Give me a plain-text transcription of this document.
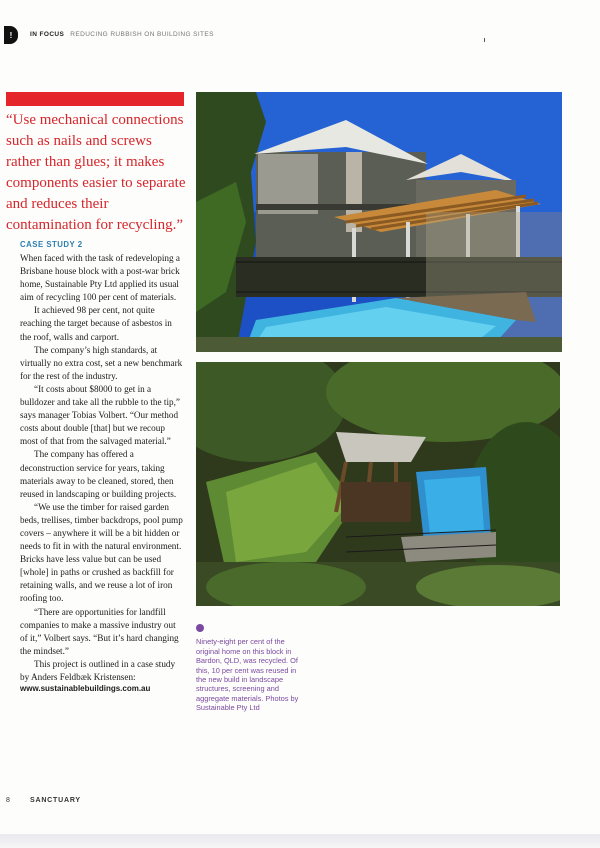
!	IN FOCUS REDUCING RUBBISH ON BUILDING SITES
“Use mechanical connections such as nails and screws rather than glues; it makes components easier to separate and reduces their contamination for recycling.”
CASE STUDY 2

When faced with the task of redeveloping a Brisbane house block with a post-war brick home, Sustainable Pty Ltd applied its usual aim of recycling 100 per cent of materials.

It achieved 98 per cent, not quite reaching the target because of asbestos in the roof, walls and carport.

The company’s high standards, at virtually no extra cost, set a new benchmark for the rest of the industry.

“It costs about $8000 to get in a bulldozer and take all the rubble to the tip,” says manager Tobias Volbert. “Our method costs about double [that] but we recoup most of that from the salvaged material.”

The company has offered a deconstruction service for years, taking materials away to be cleaned, stored, then reused in landscaping or building projects.

“We use the timber for raised garden beds, trellises, timber backdrops, pool pump covers – anywhere it will be a bit hidden or needs to fit in with the natural environment. Bricks have less value but can be used [whole] in paths or crushed as backfill for retaining walls, and we reuse a lot of iron roofing too.

“There are opportunities for landfill companies to make a massive industry out of it,” Volbert says. “But it’s hard changing the mindset.”

This project is outlined in a case study by Anders Feldbæk Kristensen:

www.sustainablebuildings.com.au

Ninety-eight per cent of the original home on this block in Bardon, QLD, was recycled. Of this, 10 per cent was reused in the new build in landscape structures, screening and aggregate materials. Photos by Sustainable Pty Ltd
8	SANCTUARY
